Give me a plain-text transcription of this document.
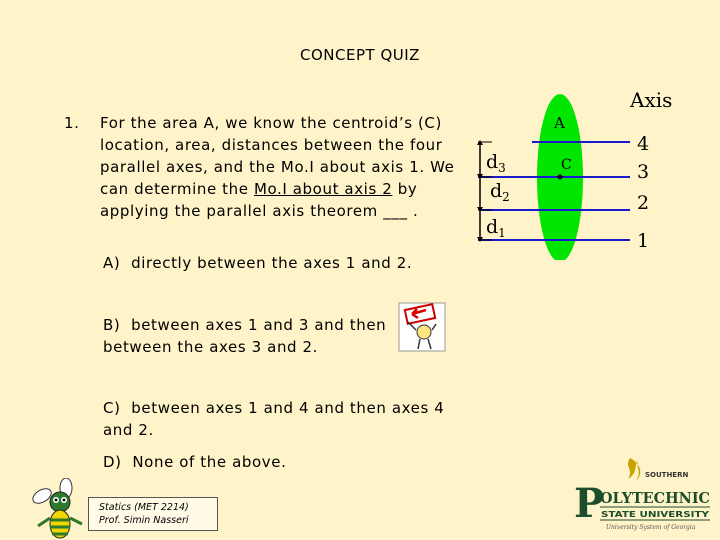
CONCEPT QUIZ
1. For the area A, we know the centroid’s (C) location, area, distances between the four parallel axes, and the Mo.I about axis 1. We can determine the Mo.I about axis 2 by applying the parallel axis theorem ___ .
A) directly between the axes 1 and 2.
B) between axes 1 and 3 and then between the axes 3 and 2.
C) between axes 1 and 4 and then axes 4 and 2.
D) None of the above.
Axis
A
C
4
3
2
1
$d_3$
$d_2$
$d_1$
Statics (MET 2214)
Prof. Simin Nasseri
SOUTHERN
P
OLYTECHNIC
STATE UNIVERSITY
University System of Georgia
